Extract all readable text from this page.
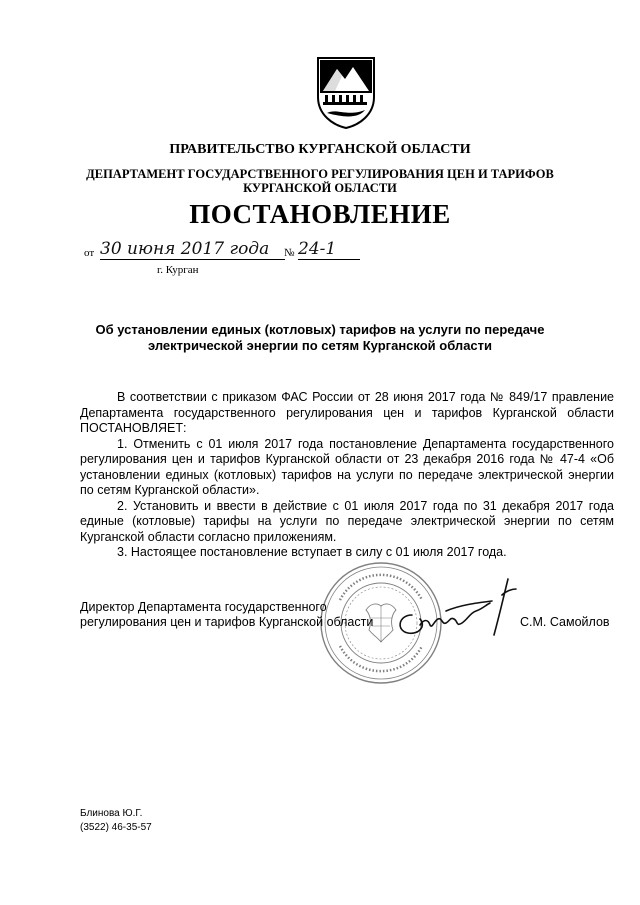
ПРАВИТЕЛЬСТВО КУРГАНСКОЙ ОБЛАСТИ
ДЕПАРТАМЕНТ ГОСУДАРСТВЕННОГО РЕГУЛИРОВАНИЯ ЦЕН И ТАРИФОВ
КУРГАНСКОЙ ОБЛАСТИ
ПОСТАНОВЛЕНИЕ
от 30 июня 2017 года	№ 24-1
г. Курган
Об установлении единых (котловых) тарифов на услуги по передаче
электрической энергии по сетям Курганской области

В соответствии с приказом ФАС России от 28 июня 2017 года № 849/17 правление Департамента государственного регулирования цен и тарифов Курганской области ПОСТАНОВЛЯЕТ:

1. Отменить с 01 июля 2017 года постановление Департамента государственного регулирования цен и тарифов Курганской области от 23 декабря 2016 года № 47-4 «Об установлении единых (котловых) тарифов на услуги по передаче электрической энергии по сетям Курганской области».

2. Установить и ввести в действие с 01 июля 2017 года по 31 декабря 2017 года единые (котловые) тарифы на услуги по передаче электрической энергии по сетям Курганской области согласно приложениям.

3. Настоящее постановление вступает в силу с 01 июля 2017 года.

Директор Департамента государственного
регулирования цен и тарифов Курганской области	С.М. Самойлов
Блинова Ю.Г.
(3522) 46-35-57
